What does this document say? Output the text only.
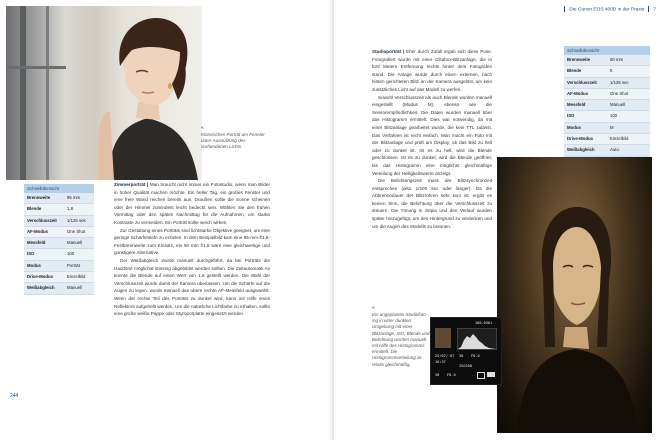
«
Klassisches Porträt am Fenster unter Ausnutzung des vorhandenen Lichts.
Schnellübersicht
Brennweite	85 mm
Blende	1,8
Verschlusszeit	1/125 sek
AF-Modus	One Shot
Messfeld	Manuell
ISO	100
Modus	Porträt
Drive-Modus	Einzelbild
Weißabgleich	Manuell

Zimmerporträt | Man braucht nicht immer ein Fotostudio, wenn man Bilder in hoher Qualität machen möchte. Ein heller Tag, ein großes Fenster und eine freie Wand reichen bereits aus. Draußen sollte die Sonne scheinen oder der Himmel zumindest leicht bedeckt sein. Wählen Sie den frühen Vormittag oder den späten Nachmittag für die Aufnahmen, um starke Kontraste zu vermeiden. Ein Porträt sollte weich wirken.

Zur Gestaltung eines Porträts sind lichtstarke Objektive geeignet, um eine geringe Schärfentiefe zu erzielen. In dem Beispielbild kam eine 85-mm-f/1,8-Festbrennweite zum Einsatz, ein 50 mm f/1,8 wäre eine gleichwertige und günstigere Alternative.

Der Weißabgleich wurde manuell durchgeführt, da bei Porträts die Hauttöne möglichst stimmig abgebildet werden sollten. Die Zeitautomatik Av konnte die Blende auf einen Wert von 1,8 gestellt werden. Die Wahl der Verschlusszeit wurde damit der Kamera überlassen. Um die Schärfe auf die Augen zu legen, wurde manuell das obere rechte AF-Messfeld ausgewählt. Wenn der rechte Teil des Porträts zu dunkel wird, kann mit Hilfe eines Reflektors aufgehellt werden. Um die natürliche Lichtfarbe zu erhalten, sollte eine große weiße Pappe oder Styroporplatte eingesetzt werden.

244
Die Canon EOS 400D in der Praxis 7

Studioporträt | Eher durch Zufall ergab sich diese Pose. Fotografiert wurde mit einer Clitabox-Blitzanlage, die in fünf Metern Entfernung rechts hinter dem Fotografen stand. Die Anlage wurde durch einen externen, nach hinten gerichteten Blitz an der Kamera ausgelöst, um kein zusätzliches Licht auf das Modell zu werfen.

Sowohl Verschlusszeit als auch Blende wurden manuell eingestellt (Modus M), ebenso wie die Sensorempfindlichkeit. Die Daten wurden manuell über das Histogramm ermittelt. Dies war notwendig, da mit einer Blitzanlage gearbeitet wurde, die kein TTL zulässt. Das Verfahren ist recht einfach. Man macht ein Foto mit der Blitzanlage und prüft am Display, ob das Bild zu hell oder zu dunkel ist. Ist es zu hell, wird die Blende geschlossen. Ist es zu dunkel, wird die Blende geöffnet, bis das Histogramm eine möglichst gleichmäßige Verteilung der Helligkeitswerte anzeigt.

Die Belichtungszeit muss der Blitzsynchronzeit entsprechen (also 1/200 sec oder länger). Da die Abbrennodauer der Blitzröhren sehr kurz ist, ergibt es keinen Sinn, die Belichtung über die Verschlusszeit zu steuern. Die Tönung in Sepia und den Verlauf wurden später hinzugefügt, um den Hintergrund zu verdecken und um die Augen des Modells zu betonen.

Schnellübersicht
Brennweite	50 mm
Blende	5
Verschlusszeit	1/125 sec
AF-Modus	One Shot
Messfeld	Manuell
ISO	100
Modus	M
Drive-Modus	Einzelbild
Weißabgleich	Auto
«
Ein ungeplantes Studiofoto-ing in einer dunklen Umgebung mit einer Blitzanlage. ISO, Blende und Belichtung wurden manuell mit Hilfe des Histogramms ermittelt. Die Histogrammverteilung ist relativ gleichmäßig.
100-0561
25/07/'07
16:37
30 F8.0
ISO100
30 F8.0
